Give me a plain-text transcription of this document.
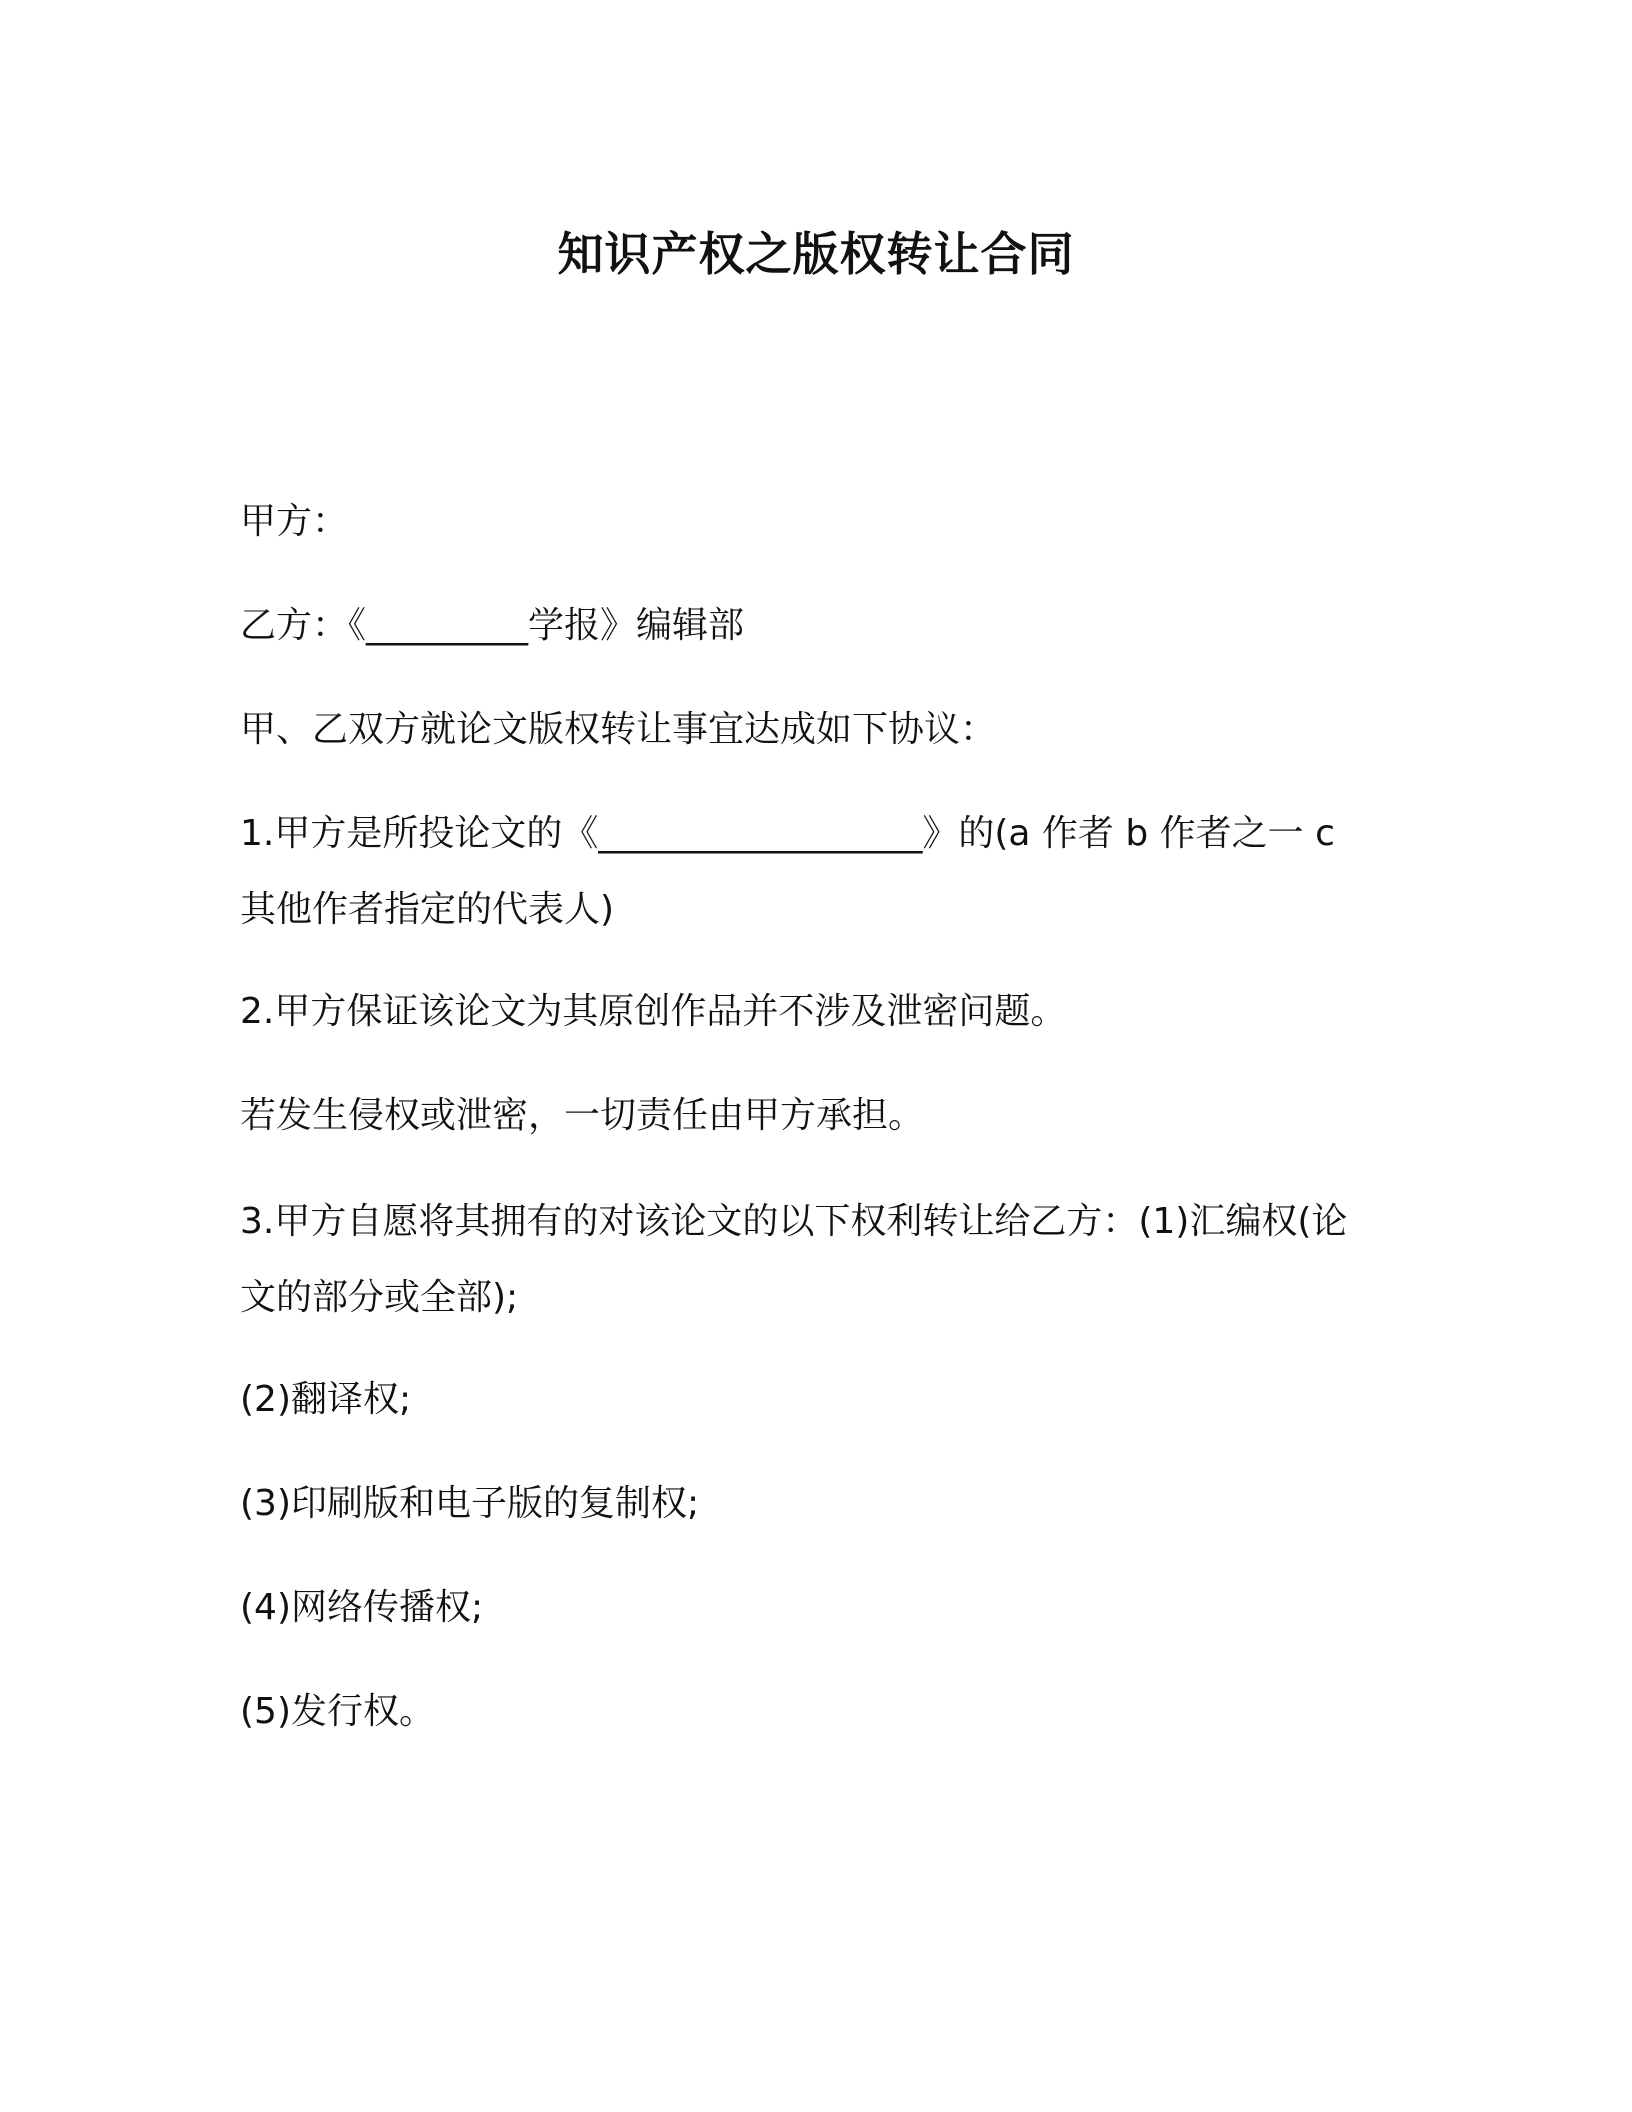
知识产权之版权转让合同
甲方：
乙方：《_________学报》编辑部
甲、乙双方就论文版权转让事宜达成如下协议：
1.甲方是所投论文的《__________________》的(a 作者 b 作者之一 c 其他作者指定的代表人)
2.甲方保证该论文为其原创作品并不涉及泄密问题。
若发生侵权或泄密，一切责任由甲方承担。
3.甲方自愿将其拥有的对该论文的以下权利转让给乙方：(1)汇编权(论文的部分或全部);
(2)翻译权;
(3)印刷版和电子版的复制权;
(4)网络传播权;
(5)发行权。
